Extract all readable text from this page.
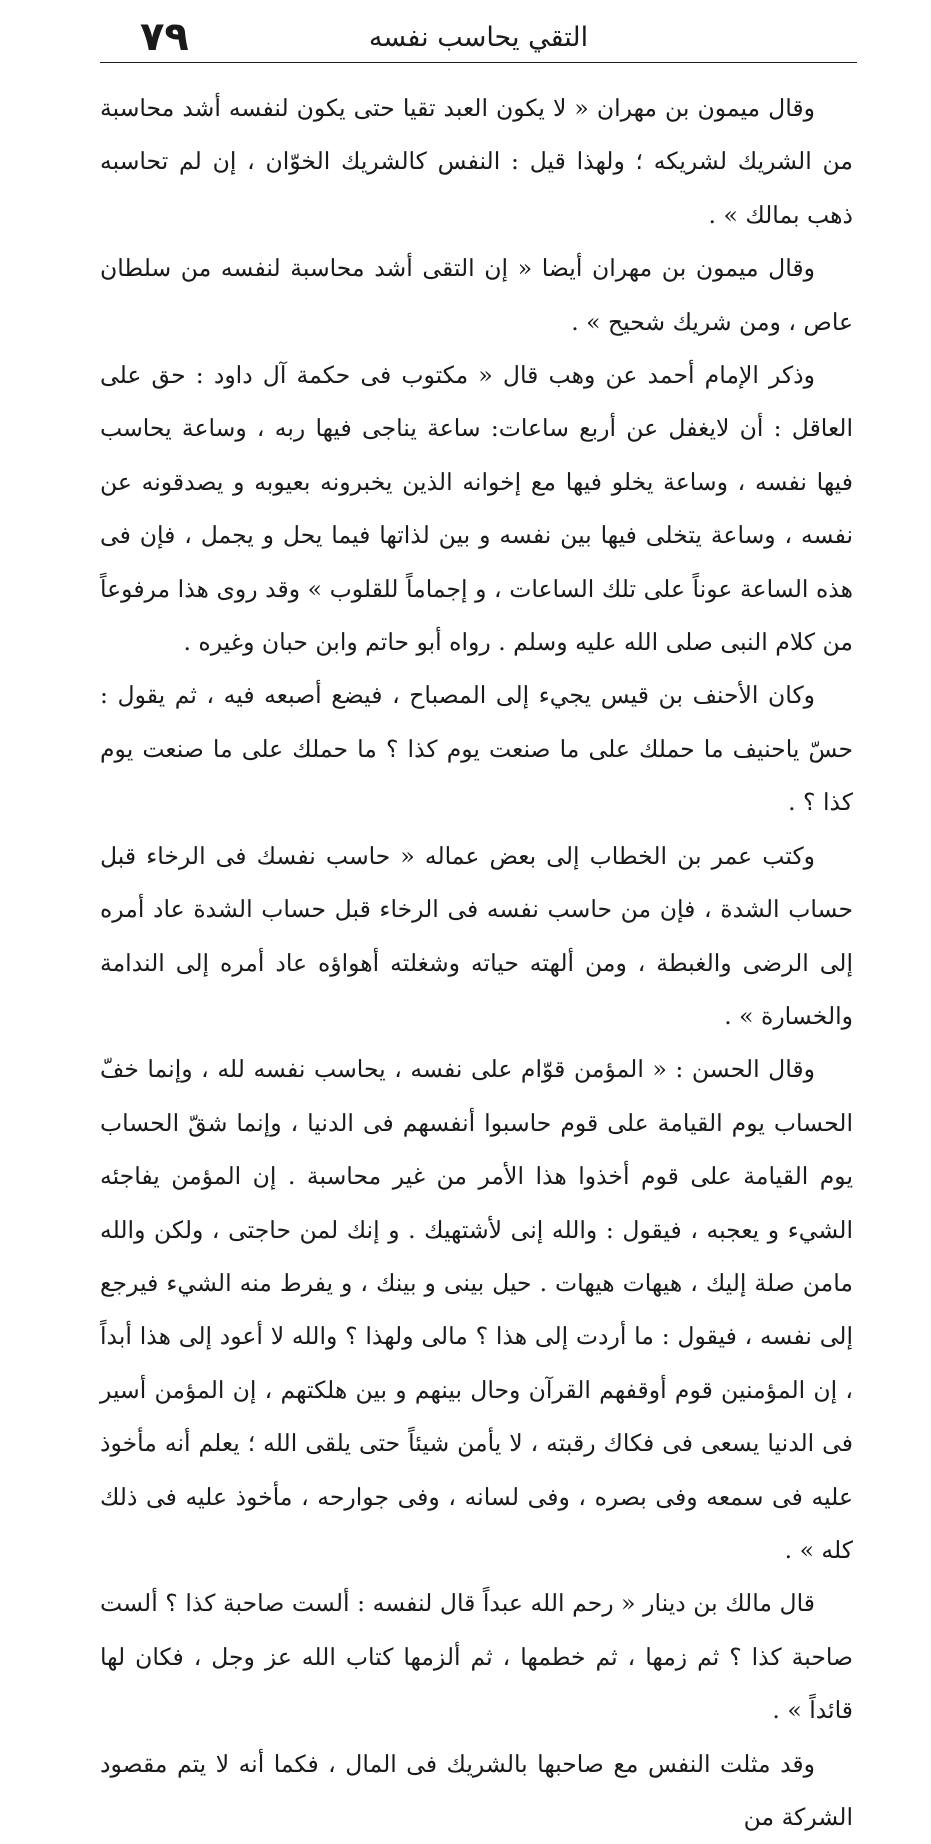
٧٩	التقي يحاسب نفسه

وقال ميمون بن مهران « لا يكون العبد تقيا حتى يكون لنفسه أشد محاسبة من الشريك لشريكه ؛ ولهذا قيل : النفس كالشريك الخوّان ، إن لم تحاسبه ذهب بمالك » .

وقال ميمون بن مهران أيضا « إن التقى أشد محاسبة لنفسه من سلطان عاص ، ومن شريك شحيح » .

وذكر الإمام أحمد عن وهب قال « مكتوب فى حكمة آل داود : حق على العاقل : أن لايغفل عن أربع ساعات: ساعة يناجى فيها ربه ، وساعة يحاسب فيها نفسه ، وساعة يخلو فيها مع إخوانه الذين يخبرونه بعيوبه و يصدقونه عن نفسه ، وساعة يتخلى فيها بين نفسه و بين لذاتها فيما يحل و يجمل ، فإن فى هذه الساعة عوناً على تلك الساعات ، و إجماماً للقلوب » وقد روى هذا مرفوعاً من كلام النبى صلى الله عليه وسلم . رواه أبو حاتم وابن حبان وغيره .

وكان الأحنف بن قيس يجيء إلى المصباح ، فيضع أصبعه فيه ، ثم يقول : حسّ ياحنيف ما حملك على ما صنعت يوم كذا ؟ ما حملك على ما صنعت يوم كذا ؟ .

وكتب عمر بن الخطاب إلى بعض عماله « حاسب نفسك فى الرخاء قبل حساب الشدة ، فإن من حاسب نفسه فى الرخاء قبل حساب الشدة عاد أمره إلى الرضى والغبطة ، ومن ألهته حياته وشغلته أهواؤه عاد أمره إلى الندامة والخسارة » .

وقال الحسن : « المؤمن قوّام على نفسه ، يحاسب نفسه لله ، وإنما خفّ الحساب يوم القيامة على قوم حاسبوا أنفسهم فى الدنيا ، وإنما شقّ الحساب يوم القيامة على قوم أخذوا هذا الأمر من غير محاسبة . إن المؤمن يفاجئه الشيء و يعجبه ، فيقول : والله إنى لأشتهيك . و إنك لمن حاجتى ، ولكن والله مامن صلة إليك ، هيهات هيهات . حيل بينى و بينك ، و يفرط منه الشيء فيرجع إلى نفسه ، فيقول : ما أردت إلى هذا ؟ مالى ولهذا ؟ والله لا أعود إلى هذا أبداً ، إن المؤمنين قوم أوقفهم القرآن وحال بينهم و بين هلكتهم ، إن المؤمن أسير فى الدنيا يسعى فى فكاك رقبته ، لا يأمن شيئاً حتى يلقى الله ؛ يعلم أنه مأخوذ عليه فى سمعه وفى بصره ، وفى لسانه ، وفى جوارحه ، مأخوذ عليه فى ذلك كله » .

قال مالك بن دينار « رحم الله عبداً قال لنفسه : ألست صاحبة كذا ؟ ألست صاحبة كذا ؟ ثم زمها ، ثم خطمها ، ثم ألزمها كتاب الله عز وجل ، فكان لها قائداً » .

وقد مثلت النفس مع صاحبها بالشريك فى المال ، فكما أنه لا يتم مقصود الشركة من
